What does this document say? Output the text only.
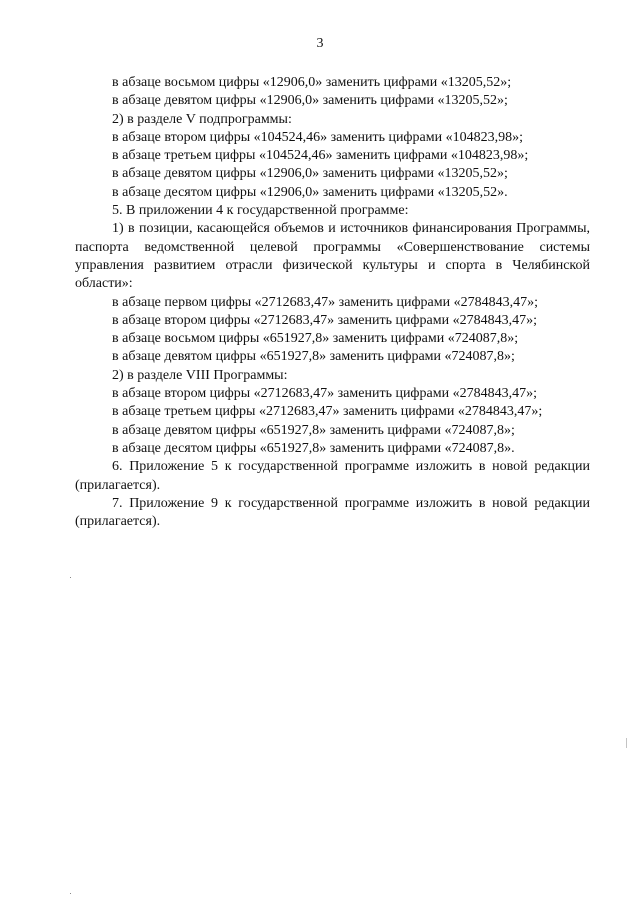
3

в абзаце восьмом цифры «12906,0» заменить цифрами «13205,52»;

в абзаце девятом цифры «12906,0» заменить цифрами «13205,52»;

2) в разделе V подпрограммы:

в абзаце втором цифры «104524,46» заменить цифрами «104823,98»;

в абзаце третьем цифры «104524,46» заменить цифрами «104823,98»;

в абзаце девятом цифры «12906,0» заменить цифрами «13205,52»;

в абзаце десятом цифры «12906,0» заменить цифрами «13205,52».

5. В приложении 4 к государственной программе:

1) в позиции, касающейся объемов и источников финансирования Программы, паспорта ведомственной целевой программы «Совершенствование системы управления развитием отрасли физической культуры и спорта в Челябинской области»:

в абзаце первом цифры «2712683,47» заменить цифрами «2784843,47»;

в абзаце втором цифры «2712683,47» заменить цифрами «2784843,47»;

в абзаце восьмом цифры «651927,8» заменить цифрами «724087,8»;

в абзаце девятом цифры «651927,8» заменить цифрами «724087,8»;

2) в разделе VIII Программы:

в абзаце втором цифры «2712683,47» заменить цифрами «2784843,47»;

в абзаце третьем цифры «2712683,47» заменить цифрами «2784843,47»;

в абзаце девятом цифры «651927,8» заменить цифрами «724087,8»;

в абзаце десятом цифры «651927,8» заменить цифрами «724087,8».

6. Приложение 5 к государственной программе изложить в новой редакции (прилагается).

7. Приложение 9 к государственной программе изложить в новой редакции (прилагается).
